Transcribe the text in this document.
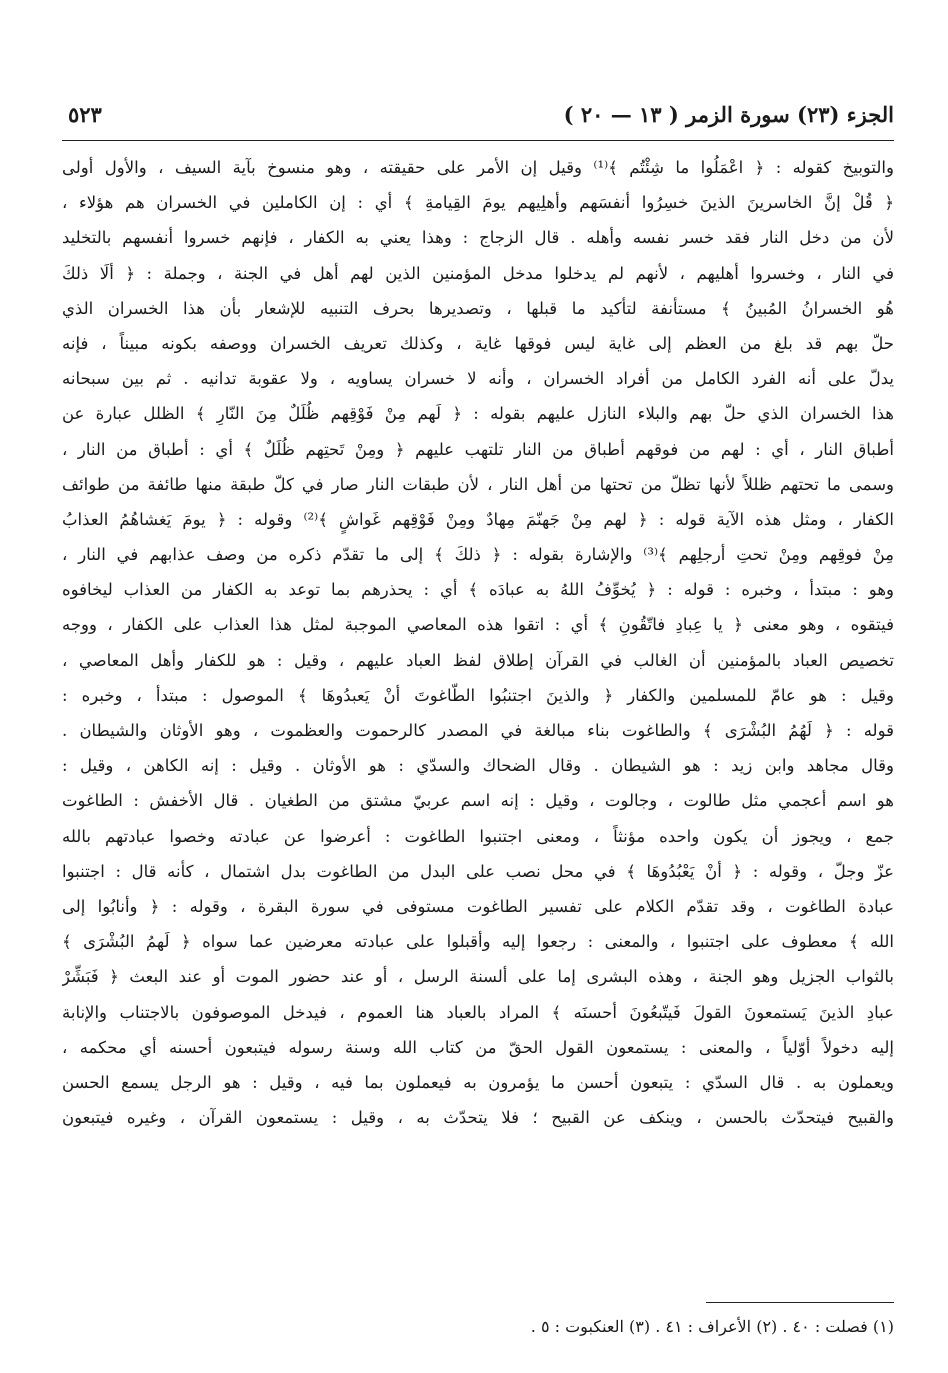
الجزء (٢٣) سورة الزمر ( ١٣ — ٢٠ )
٥٢٣
والتوبيخ كقوله : ﴿ اعْمَلُوا ما شِئْتُم ﴾⁽¹⁾ وقيل إن الأمر على حقيقته ، وهو منسوخ بآية السيف ، والأول أولى
﴿ قُلْ إنَّ الخاسرينَ الذينَ خسِرُوا أنفسَهم وأهلِيهم يومَ القِيامةِ ﴾ أي : إن الكاملين في الخسران هم هؤلاء ،
لأن من دخل النار فقد خسر نفسه وأهله . قال الزجاج : وهذا يعني به الكفار ، فإنهم خسروا أنفسهم بالتخليد
في النار ، وخسروا أهليهم ، لأنهم لم يدخلوا مدخل المؤمنين الذين لهم أهل في الجنة ، وجملة : ﴿ ألَا ذلكَ
هُو الخسرانُ المُبينُ ﴾ مستأنفة لتأكيد ما قبلها ، وتصديرها بحرف التنبيه للإشعار بأن هذا الخسران الذي
حلّ بهم قد بلغ من العظم إلى غاية ليس فوقها غاية ، وكذلك تعريف الخسران ووصفه بكونه مبيناً ، فإنه
يدلّ على أنه الفرد الكامل من أفراد الخسران ، وأنه لا خسران يساويه ، ولا عقوبة تدانيه . ثم بين سبحانه
هذا الخسران الذي حلّ بهم والبلاء النازل عليهم بقوله : ﴿ لَهم مِنْ فَوْقِهم ظُلَلٌ مِنَ النّارِ ﴾ الظلل عبارة عن
أطباق النار ، أي : لهم من فوقهم أطباق من النار تلتهب عليهم ﴿ ومِنْ تَحتِهم ظُلَلٌ ﴾ أي : أطباق من النار ،
وسمى ما تحتهم ظللاً لأنها تظلّ من تحتها من أهل النار ، لأن طبقات النار صار في كلّ طبقة منها طائفة من طوائف
الكفار ، ومثل هذه الآية قوله : ﴿ لهم مِنْ جَهنّمَ مِهادٌ ومِنْ فَوْقِهم غَواشٍ ﴾⁽²⁾ وقوله : ﴿ يومَ يَغشاهُمُ العذابُ
مِنْ فوقِهم ومِنْ تحتِ أرجلِهم ﴾⁽³⁾ والإشارة بقوله : ﴿ ذلكَ ﴾ إلى ما تقدّم ذكره من وصف عذابهم في النار ،
وهو : مبتدأ ، وخبره : قوله : ﴿ يُخوِّفُ اللهُ به عبادَه ﴾ أي : يحذرهم بما توعد به الكفار من العذاب ليخافوه
فيتقوه ، وهو معنى ﴿ يا عِبادِ فاتّقُونِ ﴾ أي : اتقوا هذه المعاصي الموجبة لمثل هذا العذاب على الكفار ، ووجه
تخصيص العباد بالمؤمنين أن الغالب في القرآن إطلاق لفظ العباد عليهم ، وقيل : هو للكفار وأهل المعاصي ،
وقيل : هو عامّ للمسلمين والكفار ﴿ والذينَ اجتنبُوا الطّاغوتَ أنْ يَعبدُوهَا ﴾ الموصول : مبتدأ ، وخبره :
قوله : ﴿ لَهُمُ البُشْرَى ﴾ والطاغوت بناء مبالغة في المصدر كالرحموت والعظموت ، وهو الأوثان والشيطان .
وقال مجاهد وابن زيد : هو الشيطان . وقال الضحاك والسدّي : هو الأوثان . وقيل : إنه الكاهن ، وقيل :
هو اسم أعجمي مثل طالوت ، وجالوت ، وقيل : إنه اسم عربيّ مشتق من الطغيان . قال الأخفش : الطاغوت
جمع ، ويجوز أن يكون واحده مؤنثاً ، ومعنى اجتنبوا الطاغوت : أعرضوا عن عبادته وخصوا عبادتهم بالله
عزّ وجلّ ، وقوله : ﴿ أنْ يَعْبُدُوهَا ﴾ في محل نصب على البدل من الطاغوت بدل اشتمال ، كأنه قال : اجتنبوا
عبادة الطاغوت ، وقد تقدّم الكلام على تفسير الطاغوت مستوفى في سورة البقرة ، وقوله : ﴿ وأنابُوا إلى
الله ﴾ معطوف على اجتنبوا ، والمعنى : رجعوا إليه وأقبلوا على عبادته معرضين عما سواه ﴿ لَهمُ البُشْرَى ﴾
بالثواب الجزيل وهو الجنة ، وهذه البشرى إما على ألسنة الرسل ، أو عند حضور الموت أو عند البعث ﴿ فَبَشِّرْ
عبادِ الذينَ يَستمعونَ القولَ فَيتّبعُونَ أحسنَه ﴾ المراد بالعباد هنا العموم ، فيدخل الموصوفون بالاجتناب والإنابة
إليه دخولاً أوّلياً ، والمعنى : يستمعون القول الحقّ من كتاب الله وسنة رسوله فيتبعون أحسنه أي محكمه ،
ويعملون به . قال السدّي : يتبعون أحسن ما يؤمرون به فيعملون بما فيه ، وقيل : هو الرجل يسمع الحسن
والقبيح فيتحدّث بالحسن ، وينكف عن القبيح ؛ فلا يتحدّث به ، وقيل : يستمعون القرآن ، وغيره فيتبعون
(١) فصلت : ٤٠ . (٢) الأعراف : ٤١ . (٣) العنكبوت : ٥ .
